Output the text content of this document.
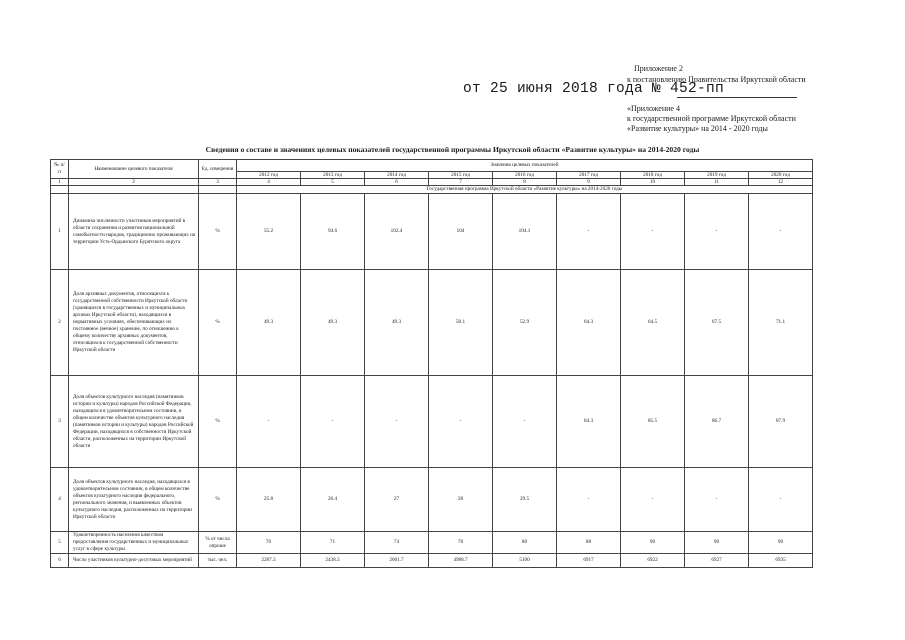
Приложение 2
к постановлению Правительства Иркутской области
от 25 июня 2018 года № 452-пп
«Приложение 4
к государственной программе Иркутской области
«Развитие культуры» на 2014 - 2020 годы
Сведения о составе и значениях целевых показателей государственной программы Иркутской области «Развитие культуры» на 2014-2020 годы
№ п/п	Наименование целевого показателя	Ед. измерения	Значения целевых показателей								
			2012 год	2013 год	2014 год	2015 год	2016 год	2017 год	2018 год	2019 год	2020 год
1	2	3	4	5	6	7	8	9	10	11	12
			Государственная программа Иркутской области «Развитие культуры» на 2014-2020 годы								
1	Динамика численности участников мероприятий в области сохранения и развития национальной самобытности народов, традиционно проживающих на территории Усть-Ордынского Бурятского округа	%	55.2	94.6	102.4	104	104.1	-	-	-	-
2	Доля архивных документов, относящихся к государственной собственности Иркутской области (хранящихся в государственных и муниципальных архивах Иркутской области), находящихся в нормативных условиях, обеспечивающих их постоянное (вечное) хранение, по отношению к общему количеству архивных документов, относящихся к государственной собственности Иркутской области	%	49.3	49.3	49.3	50.1	52.9	64.3	64.5	67.5	71.1
3	Доля объектов культурного наследия (памятников истории и культуры) народов Российской Федерации, находящихся в удовлетворительном состоянии, в общем количестве объектов культурного наследия (памятников истории и культуры) народов Российской Федерации, находящихся в собственности Иркутской области, расположенных на территории Иркутской области	%	-	-	-	-	-	84.3	85.5	86.7	87.9
4	Доля объектов культурного наследия, находящихся в удовлетворительном состоянии, в общем количестве объектов культурного наследия федерального, регионального значения, и выявленных объектов культурного наследия, расположенных на территории Иркутской области	%	25.8	26.4	27	28	29.5	-	-	-	-
5	Удовлетворенность населения качеством предоставления государственных и муниципальных услуг в сфере культуры	% от числа опроше	70	71	74	78	80	88	90	90	90
6	Число участников культурно-досуговых мероприятий	тыс. чел.	2287.3	2438.3	2601.7	4988.7	5100	6917	6922	6927	6935
